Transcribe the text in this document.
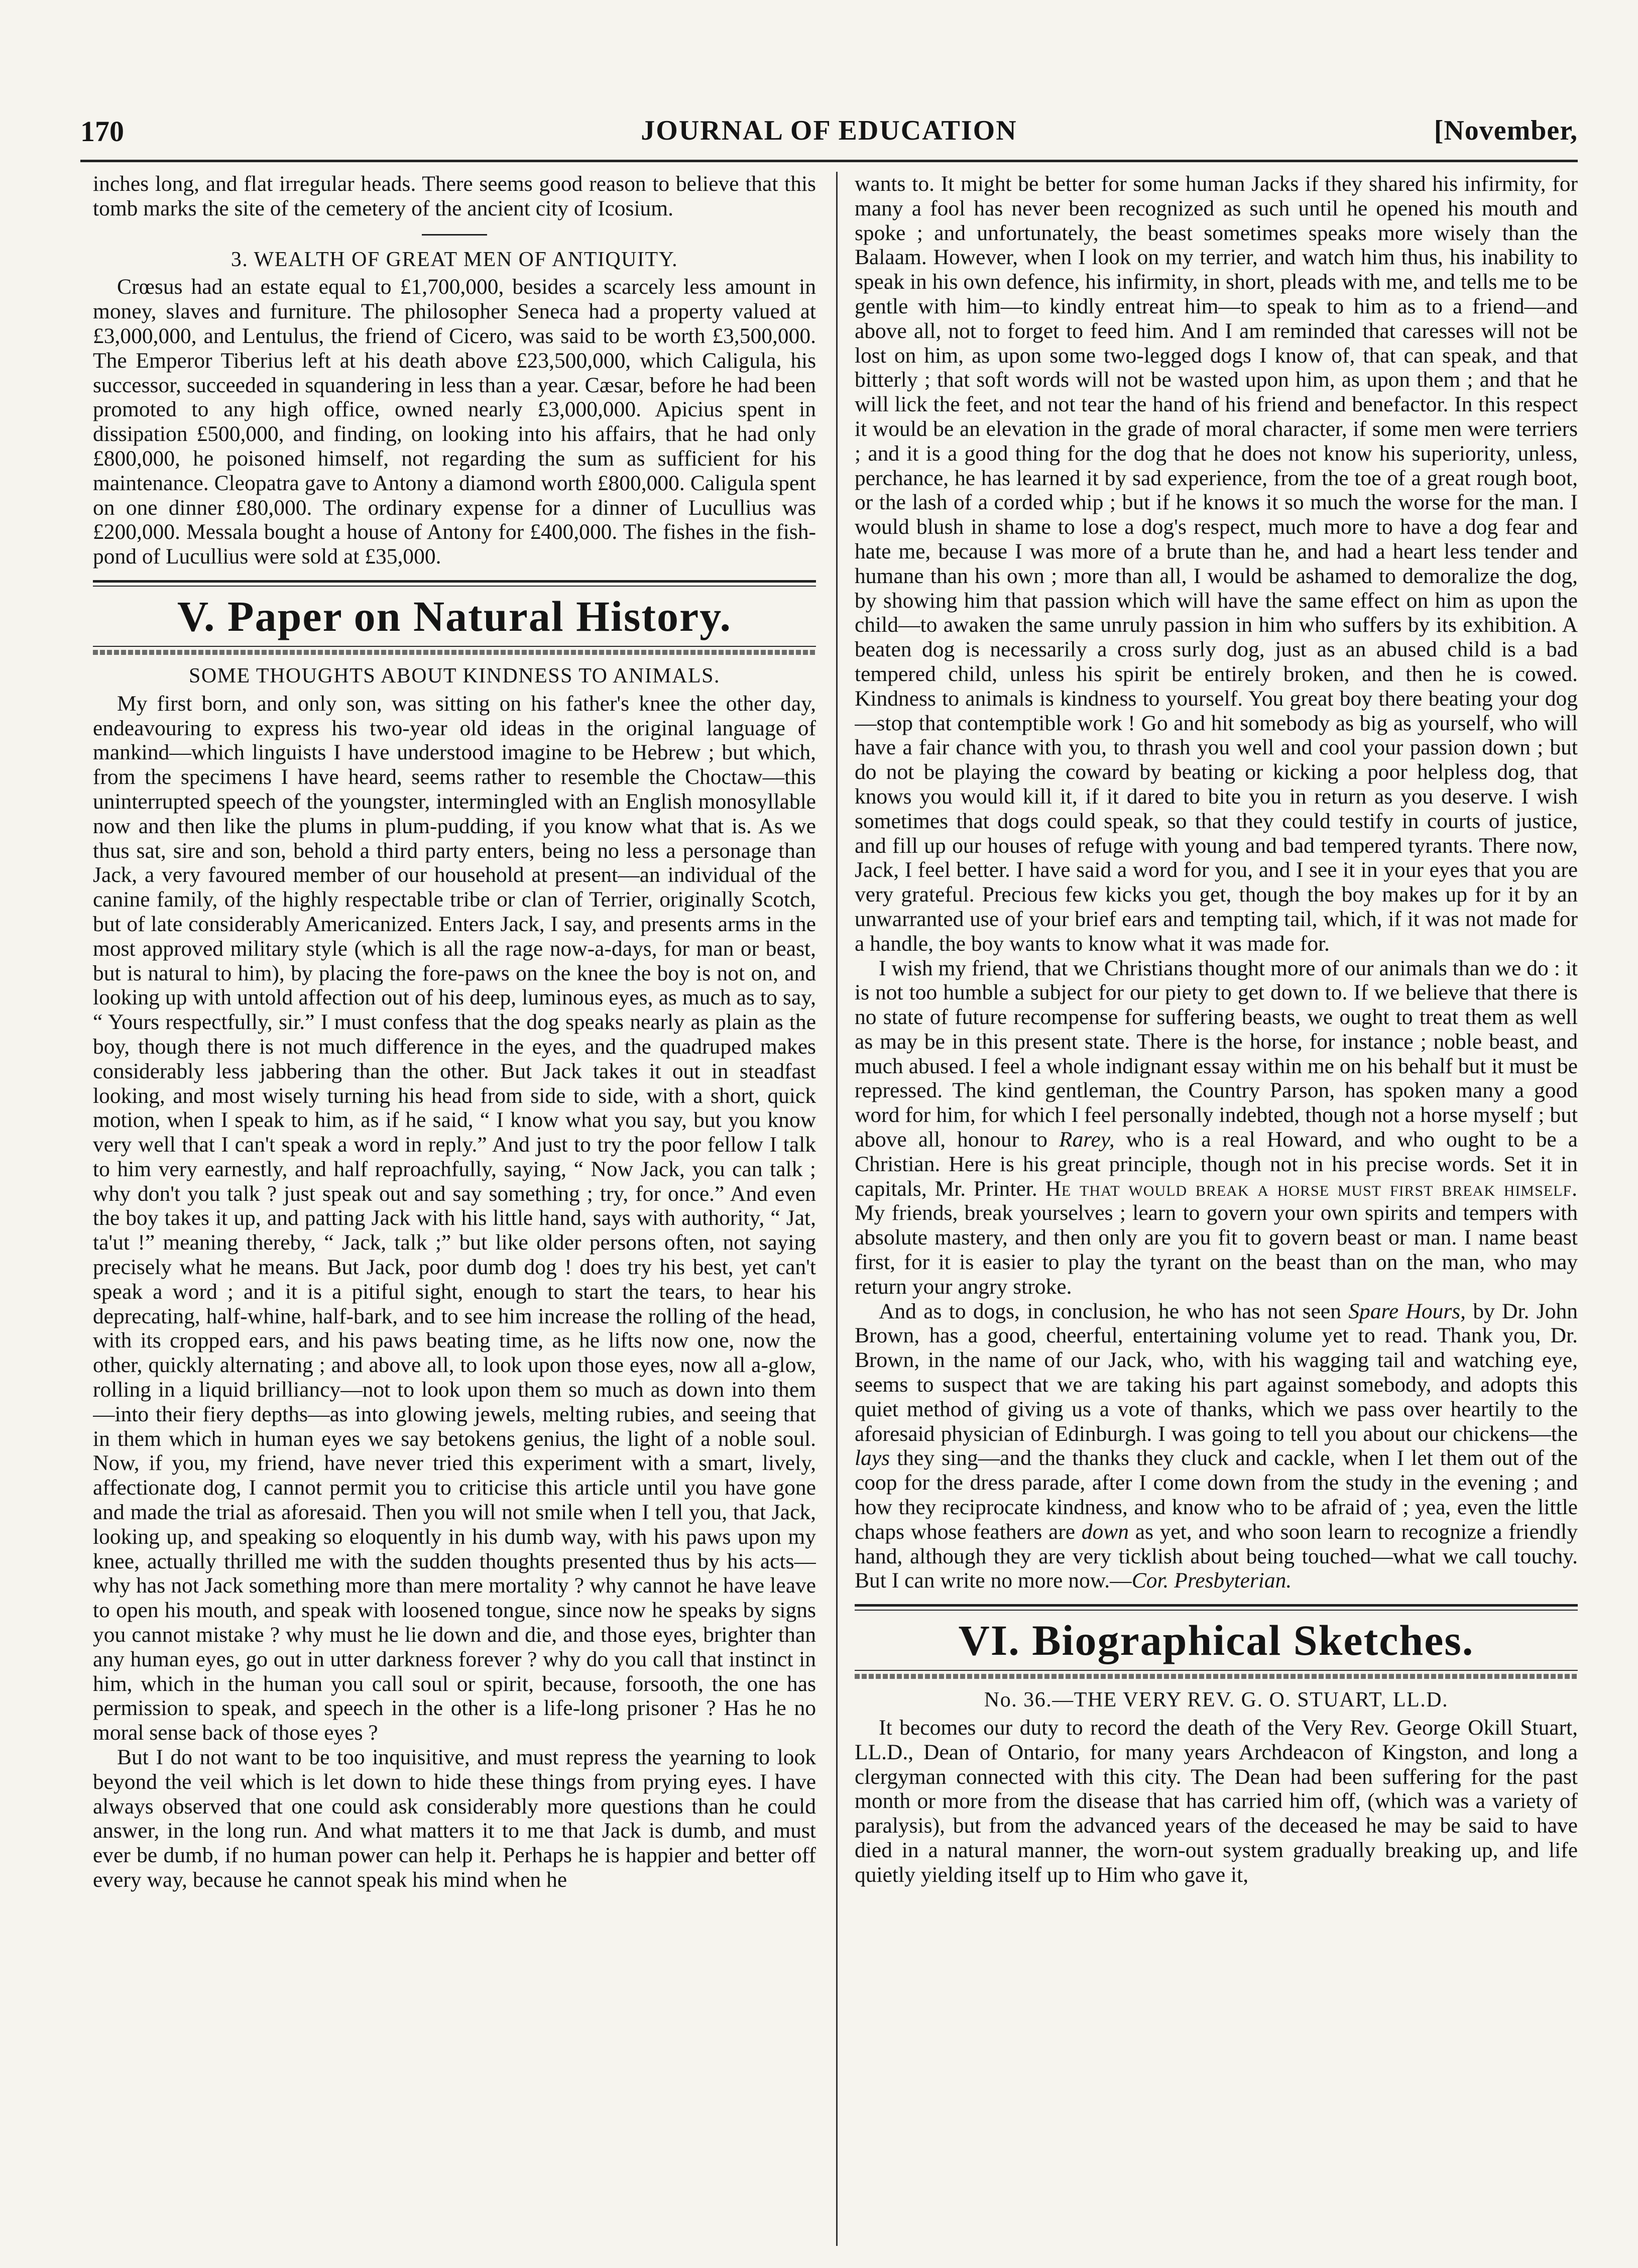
170	JOURNAL OF EDUCATION	[November,

inches long, and flat irregular heads. There seems good reason to believe that this tomb marks the site of the cemetery of the ancient city of Icosium.

3. WEALTH OF GREAT MEN OF ANTIQUITY.

Crœsus had an estate equal to £1,700,000, besides a scarcely less amount in money, slaves and furniture. The philosopher Seneca had a property valued at £3,000,000, and Lentulus, the friend of Cicero, was said to be worth £3,500,000. The Emperor Tiberius left at his death above £23,500,000, which Caligula, his successor, succeeded in squandering in less than a year. Cæsar, before he had been promoted to any high office, owned nearly £3,000,000. Apicius spent in dissipation £500,000, and finding, on looking into his affairs, that he had only £800,000, he poisoned himself, not regarding the sum as sufficient for his maintenance. Cleopatra gave to Antony a diamond worth £800,000. Caligula spent on one dinner £80,000. The ordinary expense for a dinner of Lucullius was £200,000. Messala bought a house of Antony for £400,000. The fishes in the fish-pond of Lucullius were sold at £35,000.

V. Paper on Natural History.
SOME THOUGHTS ABOUT KINDNESS TO ANIMALS.

My first born, and only son, was sitting on his father's knee the other day, endeavouring to express his two-year old ideas in the original language of mankind—which linguists I have understood imagine to be Hebrew ; but which, from the specimens I have heard, seems rather to resemble the Choctaw—this uninterrupted speech of the youngster, intermingled with an English monosyllable now and then like the plums in plum-pudding, if you know what that is. As we thus sat, sire and son, behold a third party enters, being no less a personage than Jack, a very favoured member of our household at present—an individual of the canine family, of the highly respectable tribe or clan of Terrier, originally Scotch, but of late considerably Americanized. Enters Jack, I say, and presents arms in the most approved military style (which is all the rage now-a-days, for man or beast, but is natural to him), by placing the fore-paws on the knee the boy is not on, and looking up with untold affection out of his deep, luminous eyes, as much as to say, “ Yours respectfully, sir.” I must confess that the dog speaks nearly as plain as the boy, though there is not much difference in the eyes, and the quadruped makes considerably less jabbering than the other. But Jack takes it out in steadfast looking, and most wisely turning his head from side to side, with a short, quick motion, when I speak to him, as if he said, “ I know what you say, but you know very well that I can't speak a word in reply.” And just to try the poor fellow I talk to him very earnestly, and half reproachfully, saying, “ Now Jack, you can talk ; why don't you talk ? just speak out and say something ; try, for once.” And even the boy takes it up, and patting Jack with his little hand, says with authority, “ Jat, ta'ut !” meaning thereby, “ Jack, talk ;” but like older persons often, not saying precisely what he means. But Jack, poor dumb dog ! does try his best, yet can't speak a word ; and it is a pitiful sight, enough to start the tears, to hear his deprecating, half-whine, half-bark, and to see him increase the rolling of the head, with its cropped ears, and his paws beating time, as he lifts now one, now the other, quickly alternating ; and above all, to look upon those eyes, now all a-glow, rolling in a liquid brilliancy—not to look upon them so much as down into them—into their fiery depths—as into glowing jewels, melting rubies, and seeing that in them which in human eyes we say betokens genius, the light of a noble soul. Now, if you, my friend, have never tried this experiment with a smart, lively, affectionate dog, I cannot permit you to criticise this article until you have gone and made the trial as aforesaid. Then you will not smile when I tell you, that Jack, looking up, and speaking so eloquently in his dumb way, with his paws upon my knee, actually thrilled me with the sudden thoughts presented thus by his acts—why has not Jack something more than mere mortality ? why cannot he have leave to open his mouth, and speak with loosened tongue, since now he speaks by signs you cannot mistake ? why must he lie down and die, and those eyes, brighter than any human eyes, go out in utter darkness forever ? why do you call that instinct in him, which in the human you call soul or spirit, because, forsooth, the one has permission to speak, and speech in the other is a life-long prisoner ? Has he no moral sense back of those eyes ?

But I do not want to be too inquisitive, and must repress the yearning to look beyond the veil which is let down to hide these things from prying eyes. I have always observed that one could ask considerably more questions than he could answer, in the long run. And what matters it to me that Jack is dumb, and must ever be dumb, if no human power can help it. Perhaps he is happier and better off every way, because he cannot speak his mind when he

wants to. It might be better for some human Jacks if they shared his infirmity, for many a fool has never been recognized as such until he opened his mouth and spoke ; and unfortunately, the beast sometimes speaks more wisely than the Balaam. However, when I look on my terrier, and watch him thus, his inability to speak in his own defence, his infirmity, in short, pleads with me, and tells me to be gentle with him—to kindly entreat him—to speak to him as to a friend—and above all, not to forget to feed him. And I am reminded that caresses will not be lost on him, as upon some two-legged dogs I know of, that can speak, and that bitterly ; that soft words will not be wasted upon him, as upon them ; and that he will lick the feet, and not tear the hand of his friend and benefactor. In this respect it would be an elevation in the grade of moral character, if some men were terriers ; and it is a good thing for the dog that he does not know his superiority, unless, perchance, he has learned it by sad experience, from the toe of a great rough boot, or the lash of a corded whip ; but if he knows it so much the worse for the man. I would blush in shame to lose a dog's respect, much more to have a dog fear and hate me, because I was more of a brute than he, and had a heart less tender and humane than his own ; more than all, I would be ashamed to demoralize the dog, by showing him that passion which will have the same effect on him as upon the child—to awaken the same unruly passion in him who suffers by its exhibition. A beaten dog is necessarily a cross surly dog, just as an abused child is a bad tempered child, unless his spirit be entirely broken, and then he is cowed. Kindness to animals is kindness to yourself. You great boy there beating your dog—stop that contemptible work ! Go and hit somebody as big as yourself, who will have a fair chance with you, to thrash you well and cool your passion down ; but do not be playing the coward by beating or kicking a poor helpless dog, that knows you would kill it, if it dared to bite you in return as you deserve. I wish sometimes that dogs could speak, so that they could testify in courts of justice, and fill up our houses of refuge with young and bad tempered tyrants. There now, Jack, I feel better. I have said a word for you, and I see it in your eyes that you are very grateful. Precious few kicks you get, though the boy makes up for it by an unwarranted use of your brief ears and tempting tail, which, if it was not made for a handle, the boy wants to know what it was made for.

I wish my friend, that we Christians thought more of our animals than we do : it is not too humble a subject for our piety to get down to. If we believe that there is no state of future recompense for suffering beasts, we ought to treat them as well as may be in this present state. There is the horse, for instance ; noble beast, and much abused. I feel a whole indignant essay within me on his behalf but it must be repressed. The kind gentleman, the Country Parson, has spoken many a good word for him, for which I feel personally indebted, though not a horse myself ; but above all, honour to Rarey, who is a real Howard, and who ought to be a Christian. Here is his great principle, though not in his precise words. Set it in capitals, Mr. Printer. He that would break a horse must first break himself. My friends, break yourselves ; learn to govern your own spirits and tempers with absolute mastery, and then only are you fit to govern beast or man. I name beast first, for it is easier to play the tyrant on the beast than on the man, who may return your angry stroke.

And as to dogs, in conclusion, he who has not seen Spare Hours, by Dr. John Brown, has a good, cheerful, entertaining volume yet to read. Thank you, Dr. Brown, in the name of our Jack, who, with his wagging tail and watching eye, seems to suspect that we are taking his part against somebody, and adopts this quiet method of giving us a vote of thanks, which we pass over heartily to the aforesaid physician of Edinburgh. I was going to tell you about our chickens—the lays they sing—and the thanks they cluck and cackle, when I let them out of the coop for the dress parade, after I come down from the study in the evening ; and how they reciprocate kindness, and know who to be afraid of ; yea, even the little chaps whose feathers are down as yet, and who soon learn to recognize a friendly hand, although they are very ticklish about being touched—what we call touchy. But I can write no more now.—Cor. Presbyterian.

VI. Biographical Sketches.
No. 36.—THE VERY REV. G. O. STUART, LL.D.

It becomes our duty to record the death of the Very Rev. George Okill Stuart, LL.D., Dean of Ontario, for many years Archdeacon of Kingston, and long a clergyman connected with this city. The Dean had been suffering for the past month or more from the disease that has carried him off, (which was a variety of paralysis), but from the advanced years of the deceased he may be said to have died in a natural manner, the worn-out system gradually breaking up, and life quietly yielding itself up to Him who gave it,
